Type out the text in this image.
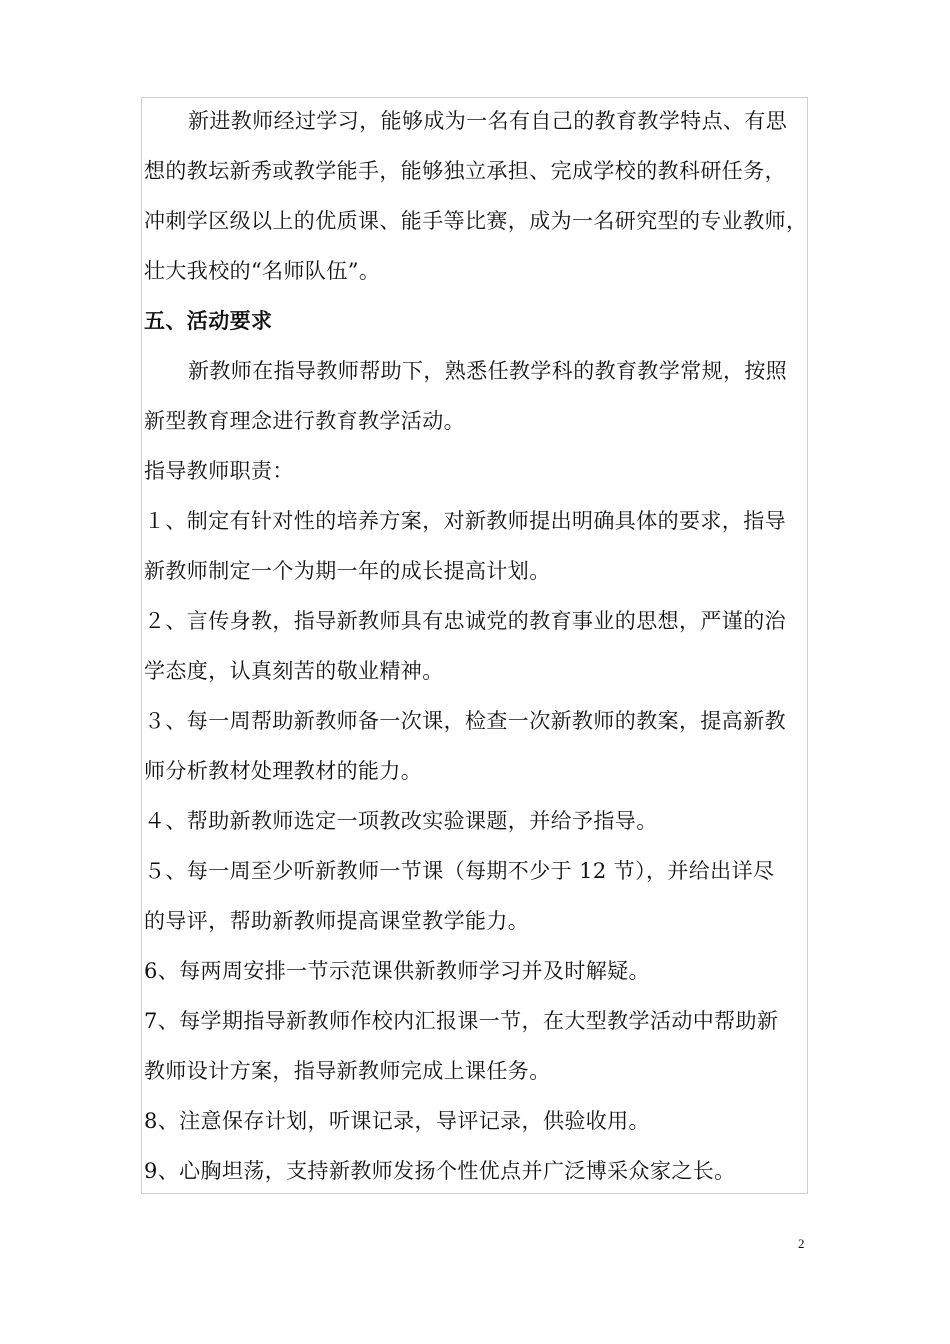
新进教师经过学习，能够成为一名有自己的教育教学特点、有思
想的教坛新秀或教学能手，能够独立承担、完成学校的教科研任务，
冲刺学区级以上的优质课、能手等比赛，成为一名研究型的专业教师，
壮大我校的“名师队伍”。
五、活动要求
新教师在指导教师帮助下，熟悉任教学科的教育教学常规，按照
新型教育理念进行教育教学活动。
指导教师职责：
１、制定有针对性的培养方案，对新教师提出明确具体的要求，指导
新教师制定一个为期一年的成长提高计划。
２、言传身教，指导新教师具有忠诚党的教育事业的思想，严谨的治
学态度，认真刻苦的敬业精神。
３、每一周帮助新教师备一次课，检查一次新教师的教案，提高新教
师分析教材处理教材的能力。
４、帮助新教师选定一项教改实验课题，并给予指导。
５、每一周至少听新教师一节课（每期不少于 12 节），并给出详尽
的导评，帮助新教师提高课堂教学能力。
6、每两周安排一节示范课供新教师学习并及时解疑。
7、每学期指导新教师作校内汇报课一节，在大型教学活动中帮助新
教师设计方案，指导新教师完成上课任务。
8、注意保存计划，听课记录，导评记录，供验收用。
9、心胸坦荡，支持新教师发扬个性优点并广泛博采众家之长。
2
